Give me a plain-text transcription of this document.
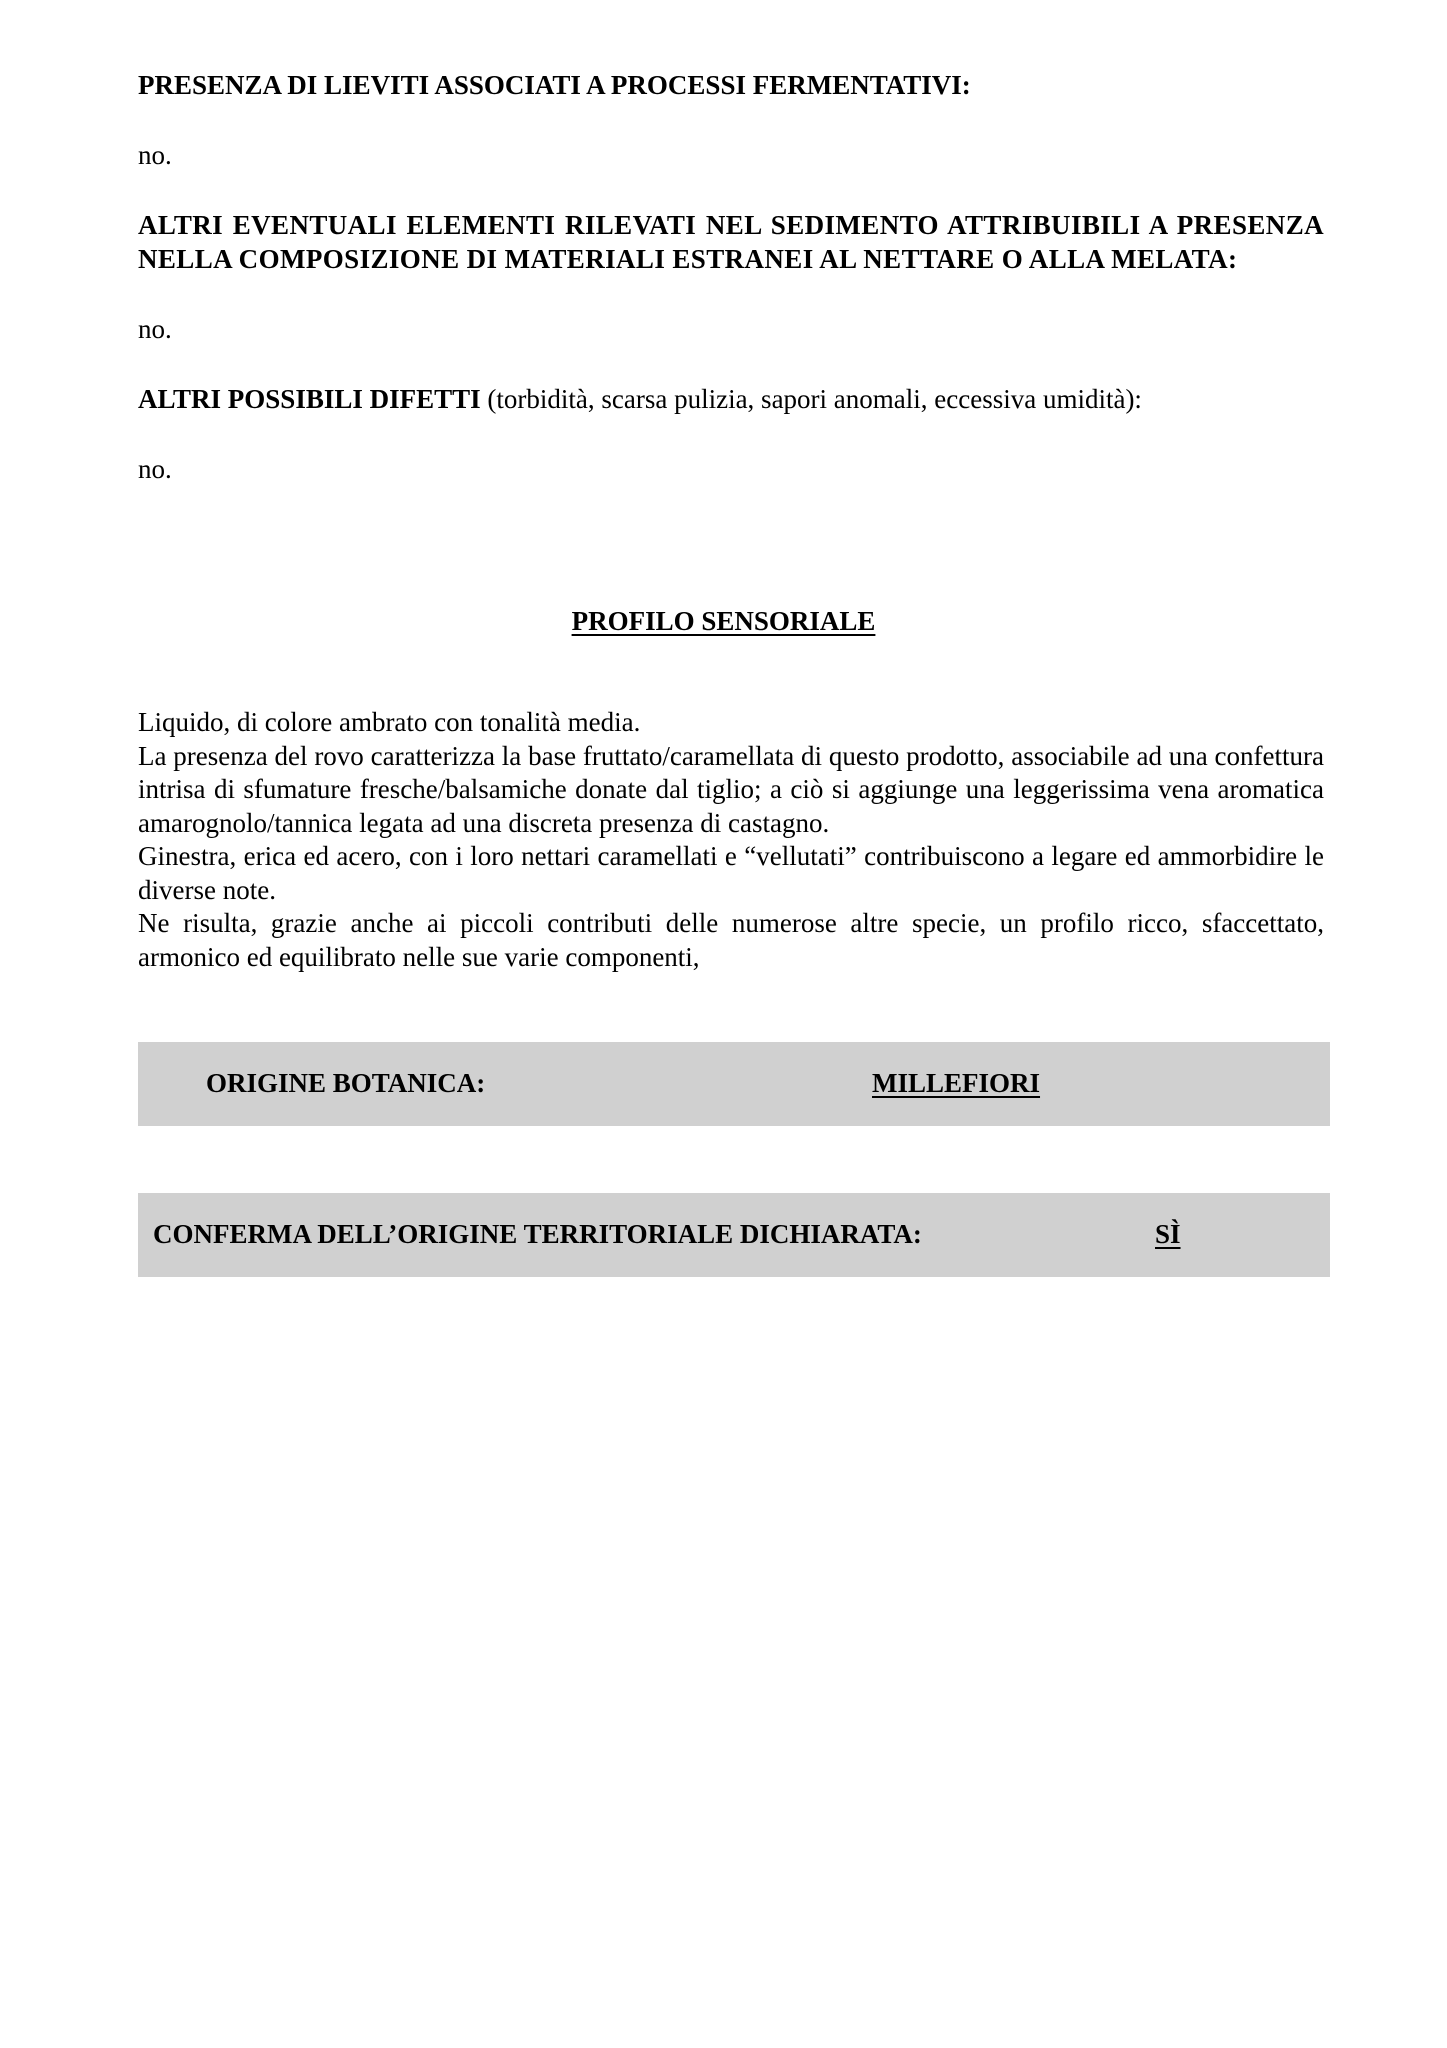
PRESENZA DI LIEVITI ASSOCIATI A PROCESSI FERMENTATIVI:

no.

ALTRI EVENTUALI ELEMENTI RILEVATI NEL SEDIMENTO ATTRIBUIBILI A PRESENZA NELLA COMPOSIZIONE DI MATERIALI ESTRANEI AL NETTARE O ALLA MELATA:

no.

ALTRI POSSIBILI DIFETTI (torbidità, scarsa pulizia, sapori anomali, eccessiva umidità):

no.

PROFILO SENSORIALE

Liquido, di colore ambrato con tonalità media.

La presenza del rovo caratterizza la base fruttato/caramellata di questo prodotto, associabile ad una confettura intrisa di sfumature fresche/balsamiche donate dal tiglio; a ciò si aggiunge una leggerissima vena aromatica amarognolo/tannica legata ad una discreta presenza di castagno.

Ginestra, erica ed acero, con i loro nettari caramellati e “vellutati” contribuiscono a legare ed ammorbidire le diverse note.

Ne risulta, grazie anche ai piccoli contributi delle numerose altre specie, un profilo ricco, sfaccettato, armonico ed equilibrato nelle sue varie componenti,

ORIGINE BOTANICA:	MILLEFIORI
CONFERMA DELL’ORIGINE TERRITORIALE DICHIARATA:	SÌ
